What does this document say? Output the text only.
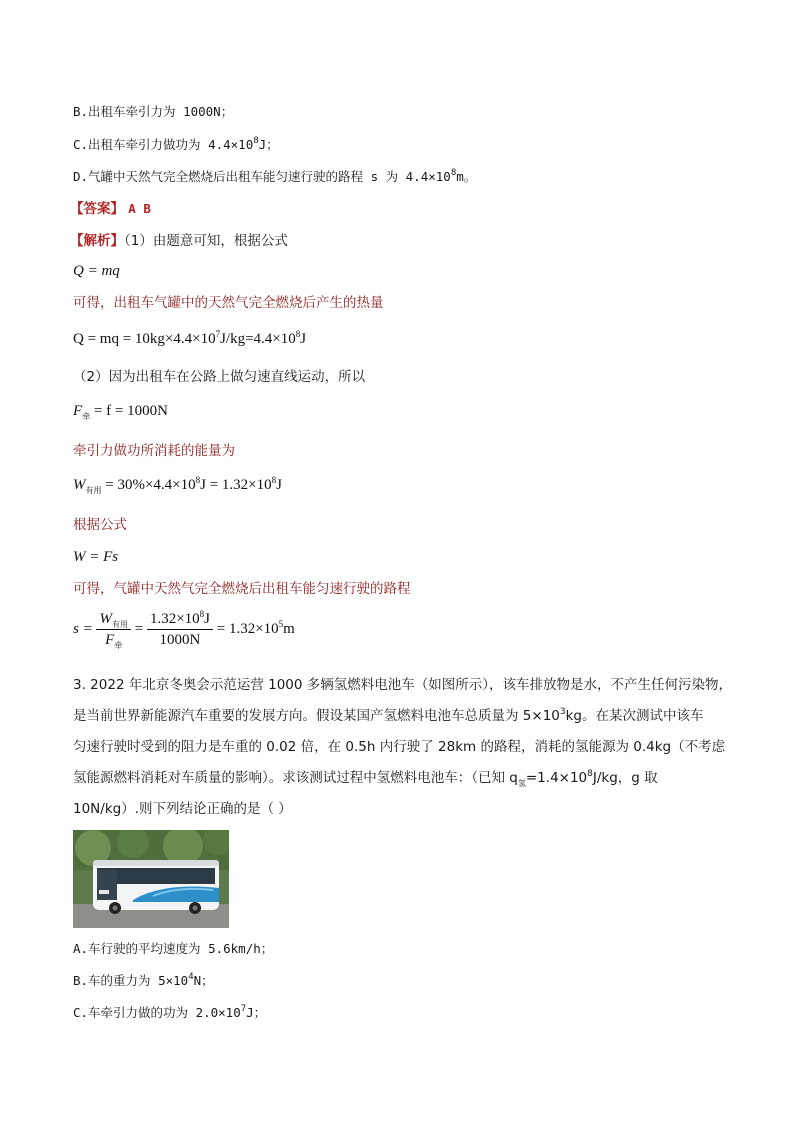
B.出租车牵引力为 1000N；
C.出租车牵引力做功为 $4.4\times 10^8J$；
D.气罐中天然气完全燃烧后出租车能匀速行驶的路程 s 为 $4.4\times 10^8m$。
【答案】 A B
【解析】（1）由题意可知，根据公式
Q = mq
可得，出租车气罐中的天然气完全燃烧后产生的热量
Q = mq = $10kg\times 4.4\times 10^7J/kg=4.4\times 10^8J$
（2）因为出租车在公路上做匀速直线运动，所以
$F_牵 = f = 1000N$
牵引力做功所消耗的能量为
$W_{有用} = 30\%\times 4.4\times 10^8J = 1.32\times 10^8J$
根据公式
W = Fs
可得，气罐中天然气完全燃烧后出租车能匀速行驶的路程
$s = \frac{W_{有用}}{F_牵} = \frac{1.32\times 10^8J}{1000N} = 1.32\times 10^5m$
3. 2022 年北京冬奥会示范运营 1000 多辆氢燃料电池车（如图所示），该车排放物是水，不产生任何污染物，
是当前世界新能源汽车重要的发展方向。假设某国产氢燃料电池车总质量为 $5\times 10^3kg$。在某次测试中该车
匀速行驶时受到的阻力是车重的 0.02 倍，在 0.5h 内行驶了 28km 的路程，消耗的氢能源为 0.4kg（不考虑
氢能源燃料消耗对车质量的影响）。求该测试过程中氢燃料电池车：（已知 $q_氢=1.4\times 10^8J/kg$，g 取
10N/kg）.则下列结论正确的是（ ）
A.车行驶的平均速度为 5.6km/h；
B.车的重力为 $5\times 10^4N$；
C.车牵引力做的功为 $2.0\times 10^7J$；
